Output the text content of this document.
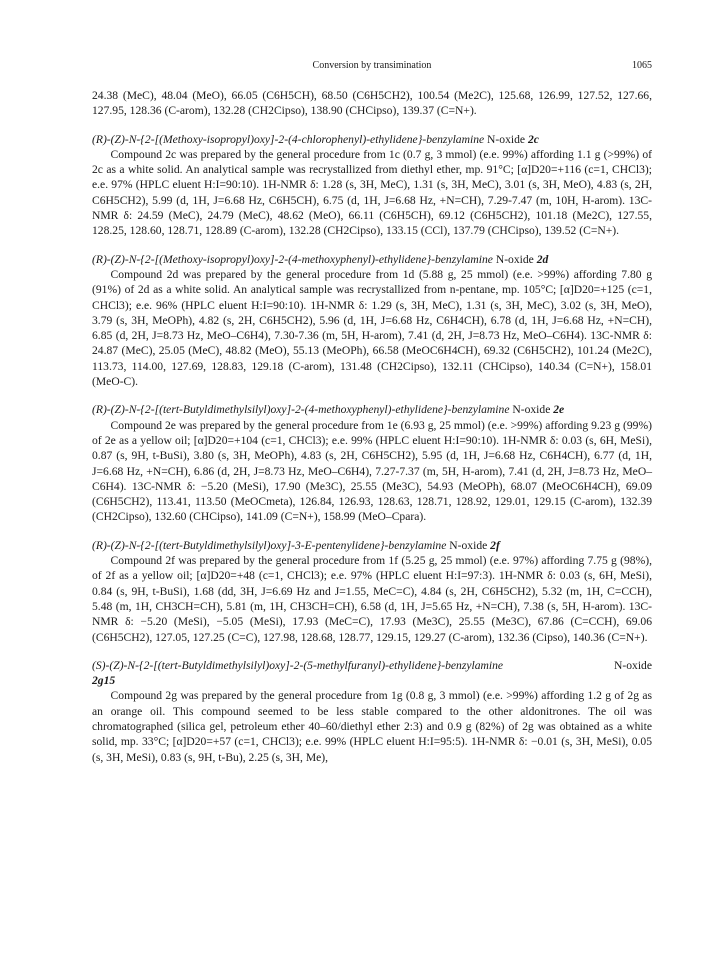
Conversion by transimination	1065

24.38 (MeC), 48.04 (MeO), 66.05 (C6H5CH), 68.50 (C6H5CH2), 100.54 (Me2C), 125.68, 126.99, 127.52, 127.66, 127.95, 128.36 (C-arom), 132.28 (CH2Cipso), 138.90 (CHCipso), 139.37 (C=N+).

(R)-(Z)-N-{2-[(Methoxy-isopropyl)oxy]-2-(4-chlorophenyl)-ethylidene}-benzylamine N-oxide 2c

Compound 2c was prepared by the general procedure from 1c (0.7 g, 3 mmol) (e.e. 99%) affording 1.1 g (>99%) of 2c as a white solid. An analytical sample was recrystallized from diethyl ether, mp. 91°C; [α]D20=+116 (c=1, CHCl3); e.e. 97% (HPLC eluent H:I=90:10). 1H-NMR δ: 1.28 (s, 3H, MeC), 1.31 (s, 3H, MeC), 3.01 (s, 3H, MeO), 4.83 (s, 2H, C6H5CH2), 5.99 (d, 1H, J=6.68 Hz, C6H5CH), 6.75 (d, 1H, J=6.68 Hz, +N=CH), 7.29-7.47 (m, 10H, H-arom). 13C-NMR δ: 24.59 (MeC), 24.79 (MeC), 48.62 (MeO), 66.11 (C6H5CH), 69.12 (C6H5CH2), 101.18 (Me2C), 127.55, 128.25, 128.60, 128.71, 128.89 (C-arom), 132.28 (CH2Cipso), 133.15 (CCl), 137.79 (CHCipso), 139.52 (C=N+).

(R)-(Z)-N-{2-[(Methoxy-isopropyl)oxy]-2-(4-methoxyphenyl)-ethylidene}-benzylamine N-oxide 2d

Compound 2d was prepared by the general procedure from 1d (5.88 g, 25 mmol) (e.e. >99%) affording 7.80 g (91%) of 2d as a white solid. An analytical sample was recrystallized from n-pentane, mp. 105°C; [α]D20=+125 (c=1, CHCl3); e.e. 96% (HPLC eluent H:I=90:10). 1H-NMR δ: 1.29 (s, 3H, MeC), 1.31 (s, 3H, MeC), 3.02 (s, 3H, MeO), 3.79 (s, 3H, MeOPh), 4.82 (s, 2H, C6H5CH2), 5.96 (d, 1H, J=6.68 Hz, C6H4CH), 6.78 (d, 1H, J=6.68 Hz, +N=CH), 6.85 (d, 2H, J=8.73 Hz, MeO–C6H4), 7.30-7.36 (m, 5H, H-arom), 7.41 (d, 2H, J=8.73 Hz, MeO–C6H4). 13C-NMR δ: 24.87 (MeC), 25.05 (MeC), 48.82 (MeO), 55.13 (MeOPh), 66.58 (MeOC6H4CH), 69.32 (C6H5CH2), 101.24 (Me2C), 113.73, 114.00, 127.69, 128.83, 129.18 (C-arom), 131.48 (CH2Cipso), 132.11 (CHCipso), 140.34 (C=N+), 158.01 (MeO-C).

(R)-(Z)-N-{2-[(tert-Butyldimethylsilyl)oxy]-2-(4-methoxyphenyl)-ethylidene}-benzylamine N-oxide 2e

Compound 2e was prepared by the general procedure from 1e (6.93 g, 25 mmol) (e.e. >99%) affording 9.23 g (99%) of 2e as a yellow oil; [α]D20=+104 (c=1, CHCl3); e.e. 99% (HPLC eluent H:I=90:10). 1H-NMR δ: 0.03 (s, 6H, MeSi), 0.87 (s, 9H, t-BuSi), 3.80 (s, 3H, MeOPh), 4.83 (s, 2H, C6H5CH2), 5.95 (d, 1H, J=6.68 Hz, C6H4CH), 6.77 (d, 1H, J=6.68 Hz, +N=CH), 6.86 (d, 2H, J=8.73 Hz, MeO–C6H4), 7.27-7.37 (m, 5H, H-arom), 7.41 (d, 2H, J=8.73 Hz, MeO–C6H4). 13C-NMR δ: −5.20 (MeSi), 17.90 (Me3C), 25.55 (Me3C), 54.93 (MeOPh), 68.07 (MeOC6H4CH), 69.09 (C6H5CH2), 113.41, 113.50 (MeOCmeta), 126.84, 126.93, 128.63, 128.71, 128.92, 129.01, 129.15 (C-arom), 132.39 (CH2Cipso), 132.60 (CHCipso), 141.09 (C=N+), 158.99 (MeO–Cpara).

(R)-(Z)-N-{2-[(tert-Butyldimethylsilyl)oxy]-3-E-pentenylidene}-benzylamine N-oxide 2f

Compound 2f was prepared by the general procedure from 1f (5.25 g, 25 mmol) (e.e. 97%) affording 7.75 g (98%), of 2f as a yellow oil; [α]D20=+48 (c=1, CHCl3); e.e. 97% (HPLC eluent H:I=97:3). 1H-NMR δ: 0.03 (s, 6H, MeSi), 0.84 (s, 9H, t-BuSi), 1.68 (dd, 3H, J=6.69 Hz and J=1.55, MeC=C), 4.84 (s, 2H, C6H5CH2), 5.32 (m, 1H, C=CCH), 5.48 (m, 1H, CH3CH=CH), 5.81 (m, 1H, CH3CH=CH), 6.58 (d, 1H, J=5.65 Hz, +N=CH), 7.38 (s, 5H, H-arom). 13C-NMR δ: −5.20 (MeSi), −5.05 (MeSi), 17.93 (MeC=C), 17.93 (Me3C), 25.55 (Me3C), 67.86 (C=CCH), 69.06 (C6H5CH2), 127.05, 127.25 (C=C), 127.98, 128.68, 128.77, 129.15, 129.27 (C-arom), 132.36 (Cipso), 140.36 (C=N+).

(S)-(Z)-N-{2-[(tert-Butyldimethylsilyl)oxy]-2-(5-methylfuranyl)-ethylidene}-benzylamine	N-oxide

2g15

Compound 2g was prepared by the general procedure from 1g (0.8 g, 3 mmol) (e.e. >99%) affording 1.2 g of 2g as an orange oil. This compound seemed to be less stable compared to the other aldonitrones. The oil was chromatographed (silica gel, petroleum ether 40–60/diethyl ether 2:3) and 0.9 g (82%) of 2g was obtained as a white solid, mp. 33°C; [α]D20=+57 (c=1, CHCl3); e.e. 99% (HPLC eluent H:I=95:5). 1H-NMR δ: −0.01 (s, 3H, MeSi), 0.05 (s, 3H, MeSi), 0.83 (s, 9H, t-Bu), 2.25 (s, 3H, Me),
